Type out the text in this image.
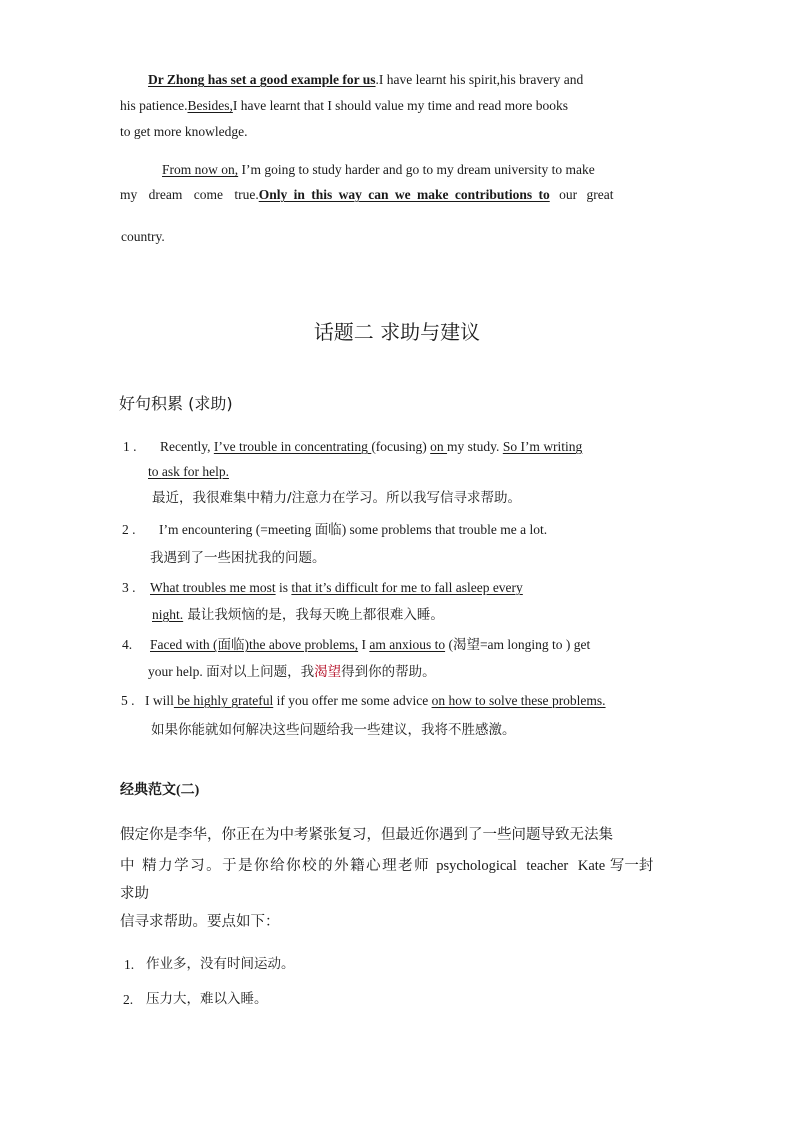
Dr Zhong has set a good example for us.I have learnt his spirit,his bravery and
his patience.Besides,I have learnt that I should value my time and read more books
to get more knowledge.
From now on, I’m going to study harder and go to my dream university to make
my dream come true.Only in this way can we make contributions to our great
country.
话题二 求助与建议
好句积累 (求助)
1 . Recently, I’ve trouble in concentrating (focusing) on my study. So I’m writing
to ask for help.
最近，我很难集中精力/注意力在学习。所以我写信寻求帮助。
2 . I’m encountering (=meeting 面临) some problems that trouble me a lot.
我遇到了一些困扰我的问题。
3 . What troubles me most is that it’s difficult for me to fall asleep every
night. 最让我烦恼的是，我每天晚上都很难入睡。
4. Faced with (面临)the above problems, I am anxious to (渴望=am longing to ) get
your help. 面对以上问题，我渴望得到你的帮助。
5 . I will be highly grateful if you offer me some advice on how to solve these problems.
如果你能就如何解决这些问题给我一些建议，我将不胜感激。
经典范文(二)
假定你是李华，你正在为中考紧张复习，但最近你遇到了一些问题导致无法集
中 精力学习。于是你给你校的外籍心理老师 psychological teacher Kate 写一封
求助
信寻求帮助。要点如下：
1. 作业多，没有时间运动。
2. 压力大，难以入睡。
